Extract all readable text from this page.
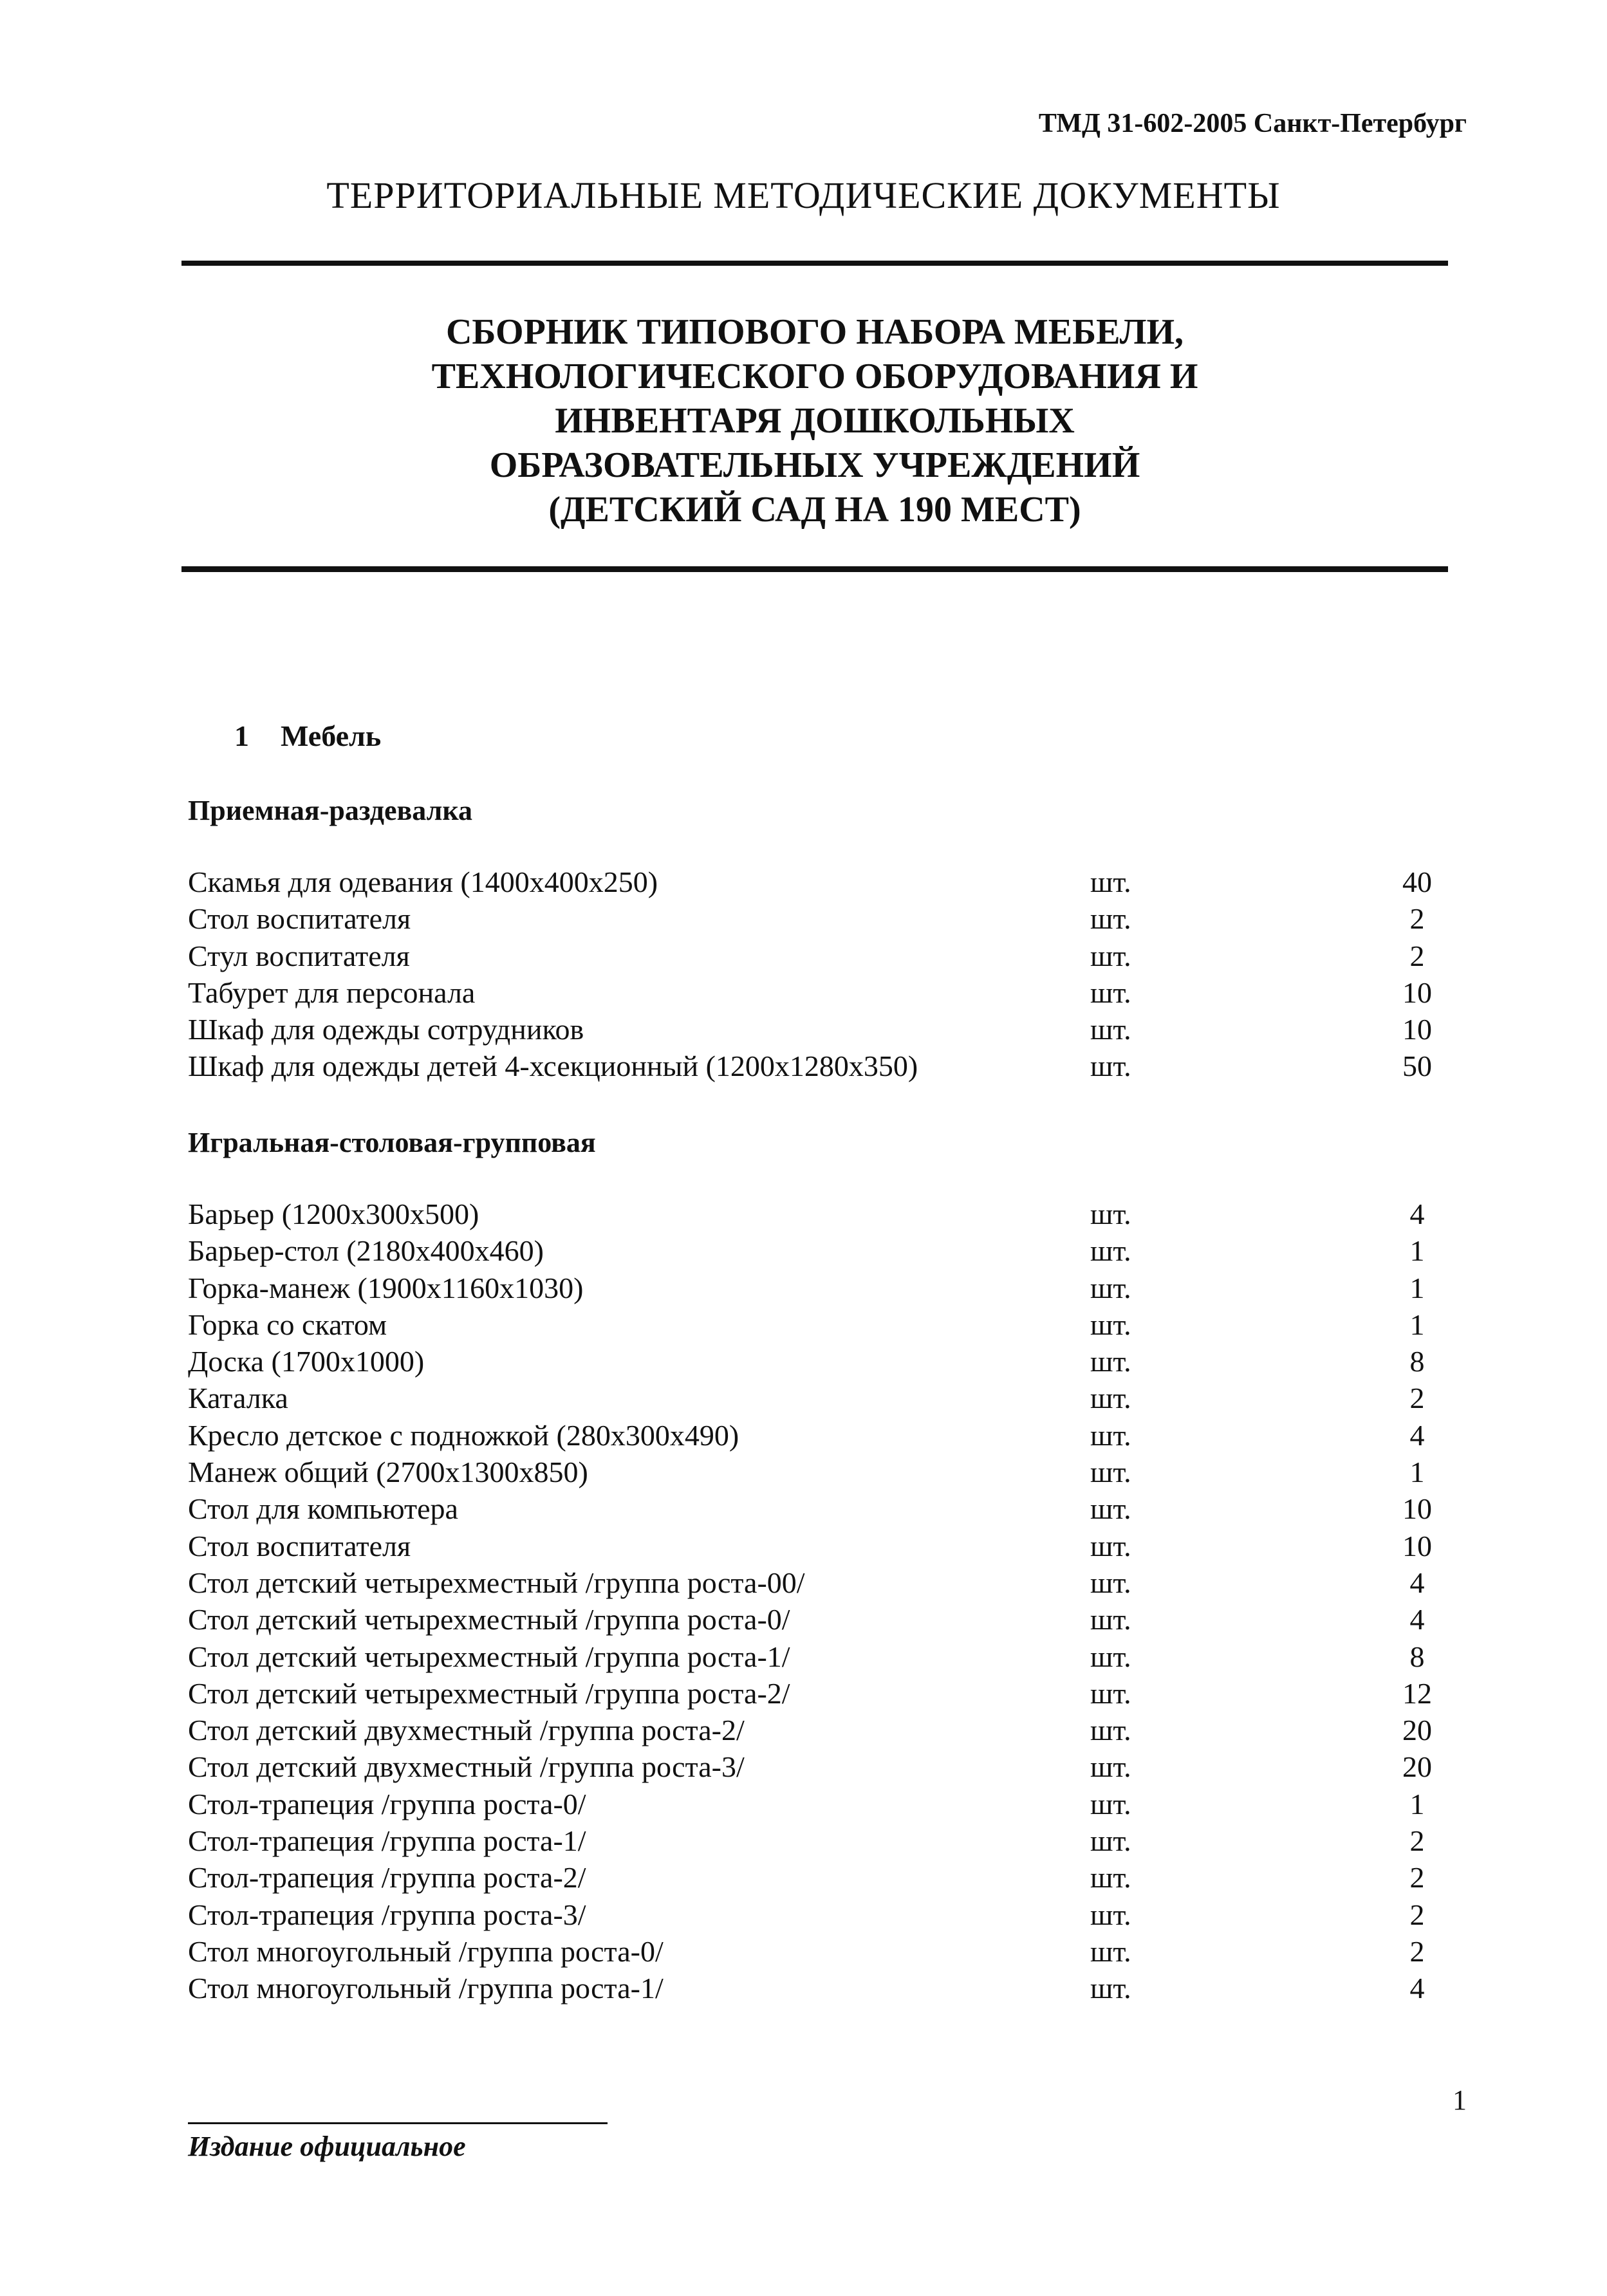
ТМД 31-602-2005 Санкт-Петербург
ТЕРРИТОРИАЛЬНЫЕ МЕТОДИЧЕСКИЕ ДОКУМЕНТЫ
СБОРНИК ТИПОВОГО НАБОРА МЕБЕЛИ,
ТЕХНОЛОГИЧЕСКОГО ОБОРУДОВАНИЯ И
ИНВЕНТАРЯ ДОШКОЛЬНЫХ
ОБРАЗОВАТЕЛЬНЫХ УЧРЕЖДЕНИЙ
(ДЕТСКИЙ САД НА 190 МЕСТ)
1 Мебель
Приемная-раздевалка
Скамья для одевания (1400х400х250)	шт.	40
Стол воспитателя	шт.	2
Стул воспитателя	шт.	2
Табурет для персонала	шт.	10
Шкаф для одежды сотрудников	шт.	10
Шкаф для одежды детей 4-хсекционный (1200х1280х350)	шт.	50
Игральная-столовая-групповая
Барьер (1200х300х500)	шт.	4
Барьер-стол (2180х400х460)	шт.	1
Горка-манеж (1900х1160х1030)	шт.	1
Горка со скатом	шт.	1
Доска (1700х1000)	шт.	8
Каталка	шт.	2
Кресло детское с подножкой (280х300х490)	шт.	4
Манеж общий (2700х1300х850)	шт.	1
Стол для компьютера	шт.	10
Стол воспитателя	шт.	10
Стол детский четырехместный /группа роста-00/	шт.	4
Стол детский четырехместный /группа роста-0/	шт.	4
Стол детский четырехместный /группа роста-1/	шт.	8
Стол детский четырехместный /группа роста-2/	шт.	12
Стол детский двухместный /группа роста-2/	шт.	20
Стол детский двухместный /группа роста-3/	шт.	20
Стол-трапеция /группа роста-0/	шт.	1
Стол-трапеция /группа роста-1/	шт.	2
Стол-трапеция /группа роста-2/	шт.	2
Стол-трапеция /группа роста-3/	шт.	2
Стол многоугольный /группа роста-0/	шт.	2
Стол многоугольный /группа роста-1/	шт.	4
1
Издание официальное
